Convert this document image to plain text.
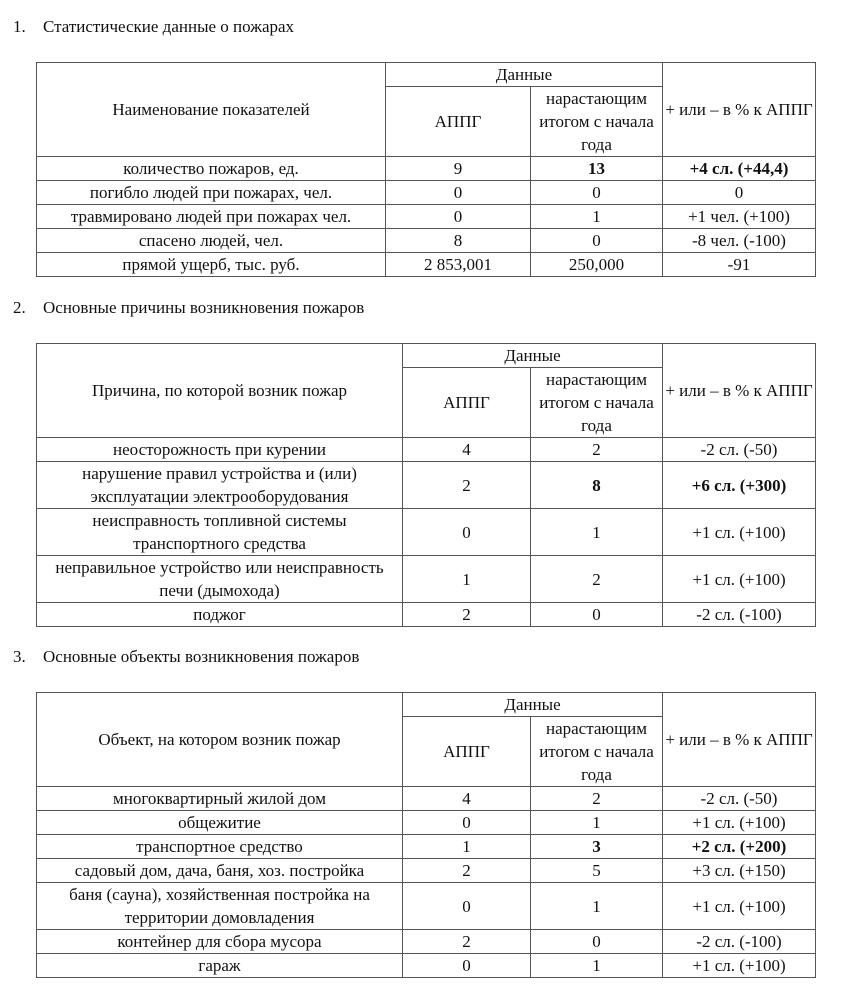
1. Статистические данные о пожарах
Наименование показателей	Данные		+ или – в % к АППГ
	АППГ	нарастающим итогом с начала года	
количество пожаров, ед.	9	13	+4 сл. (+44,4)
погибло людей при пожарах, чел.	0	0	0
травмировано людей при пожарах чел.	0	1	+1 чел. (+100)
спасено людей, чел.	8	0	-8 чел. (-100)
прямой ущерб, тыс. руб.	2 853,001	250,000	-91
2. Основные причины возникновения пожаров
Причина, по которой возник пожар	Данные		+ или – в % к АППГ
	АППГ	нарастающим итогом с начала года	
неосторожность при курении	4	2	-2 сл. (-50)
нарушение правил устройства и (или) эксплуатации электрооборудования	2	8	+6 сл. (+300)
неисправность топливной системы транспортного средства	0	1	+1 сл. (+100)
неправильное устройство или неисправность печи (дымохода)	1	2	+1 сл. (+100)
поджог	2	0	-2 сл. (-100)
3. Основные объекты возникновения пожаров
Объект, на котором возник пожар	Данные		+ или – в % к АППГ
	АППГ	нарастающим итогом с начала года	
многоквартирный жилой дом	4	2	-2 сл. (-50)
общежитие	0	1	+1 сл. (+100)
транспортное средство	1	3	+2 сл. (+200)
садовый дом, дача, баня, хоз. постройка	2	5	+3 сл. (+150)
баня (сауна), хозяйственная постройка на территории домовладения	0	1	+1 сл. (+100)
контейнер для сбора мусора	2	0	-2 сл. (-100)
гараж	0	1	+1 сл. (+100)
